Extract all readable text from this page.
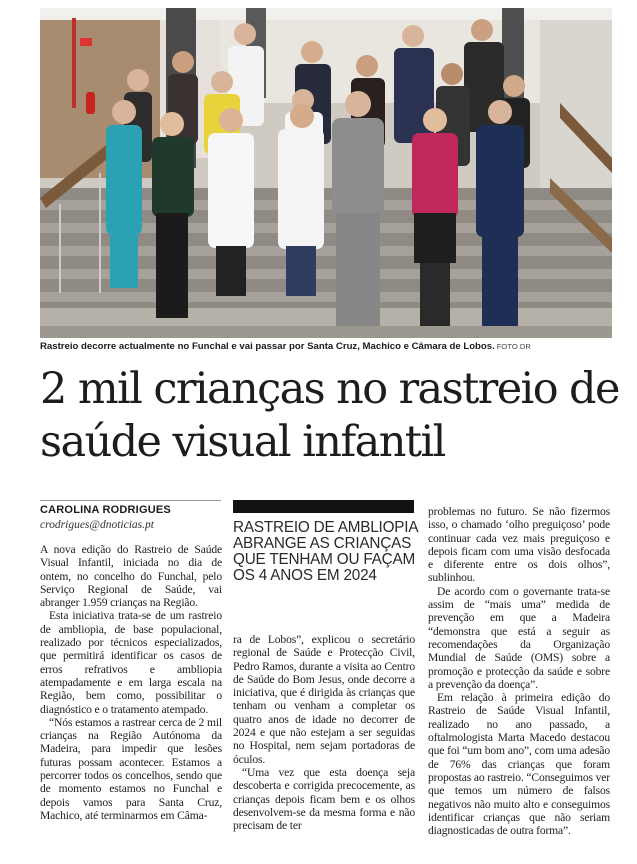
Rastreio decorre actualmente no Funchal e vai passar por Santa Cruz, Machico e Câmara de Lobos. FOTO DR
2 mil crianças no rastreio de saúde visual infantil
CAROLINA RODRIGUES
crodrigues@dnoticias.pt	RASTREIO DE AMBLIOPIA ABRANGE AS CRIANÇAS QUE TENHAM OU FAÇAM OS 4 ANOS EM 2024

A nova edição do Rastreio de Saúde Visual Infantil, iniciada no dia de ontem, no concelho do Funchal, pelo Serviço Regional de Saúde, vai abranger 1.959 crianças na Região.

Esta iniciativa trata-se de um rastreio de ambliopia, de base populacional, realizado por técnicos especializados, que permitirá identificar os casos de erros refrativos e ambliopia atempadamente e em larga escala na Região, bem como, possibilitar o diagnóstico e o tratamento atempado.

“Nós estamos a rastrear cerca de 2 mil crianças na Região Autónoma da Madeira, para impedir que lesões futuras possam acontecer. Estamos a percorrer todos os concelhos, sendo que de momento estamos no Funchal e depois vamos para Santa Cruz, Machico, até terminarmos em Câma-

ra de Lobos”, explicou o secretário regional de Saúde e Protecção Civil, Pedro Ramos, durante a visita ao Centro de Saúde do Bom Jesus, onde decorre a iniciativa, que é dirigida às crianças que tenham ou venham a completar os quatro anos de idade no decorrer de 2024 e que não estejam a ser seguidas no Hospital, nem sejam portadoras de óculos.

“Uma vez que esta doença seja descoberta e corrigida precocemente, as crianças depois ficam bem e os olhos desenvolvem-se da mesma forma e não precisam de ter

problemas no futuro. Se não fizermos isso, o chamado ‘olho preguiçoso’ pode continuar cada vez mais preguiçoso e depois ficam com uma visão desfocada e diferente entre os dois olhos”, sublinhou.

De acordo com o governante trata-se assim de “mais uma” medida de prevenção em que a Madeira “demonstra que está a seguir as recomendações da Organização Mundial de Saúde (OMS) sobre a promoção e protecção da saúde e sobre a prevenção da doença”.

Em relação à primeira edição do Rastreio de Saúde Visual Infantil, realizado no ano passado, a oftalmologista Marta Macedo destacou que foi “um bom ano”, com uma adesão de 76% das crianças que foram propostas ao rastreio. “Conseguimos ver que temos um número de falsos negativos não muito alto e conseguimos identificar crianças que não seriam diagnosticadas de outra forma”.
